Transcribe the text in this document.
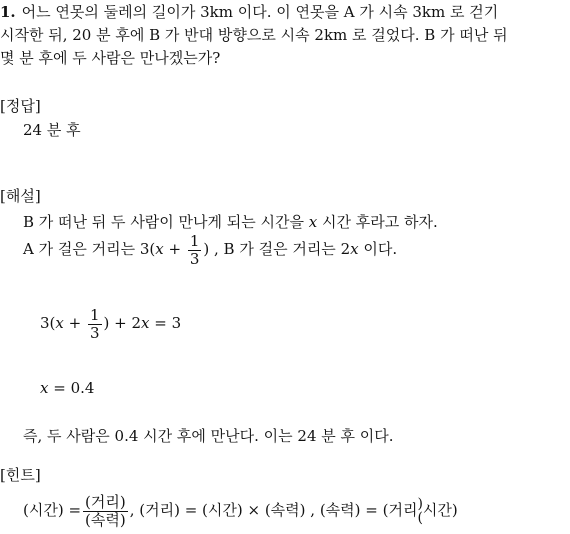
1. 어느 연못의 둘레의 길이가 3km 이다. 이 연못을 A 가 시속 3km 로 걷기
시작한 뒤, 20 분 후에 B 가 반대 방향으로 시속 2km 로 걸었다. B 가 떠난 뒤
몇 분 후에 두 사람은 만나겠는가?
[정답]
24 분 후
[해설]
B 가 떠난 뒤 두 사람이 만나게 되는 시간을 x 시간 후라고 하자.
A 가 걸은 거리는 $3(x + \frac{1}{3}$ ) , B 가 걸은 거리는 2x 이다.
$3(x + \frac{1}{3}$ ) + 2x = 3
x = 0.4
즉, 두 사람은 0.4 시간 후에 만난다. 이는 24 분 후 이다.
[힌트]
(시간) = $\frac{\text{(거리)}}{\text{(속력)}}$ , (거리) = (시간) × (속력) , (속력) = (거리 )
( 시간)
